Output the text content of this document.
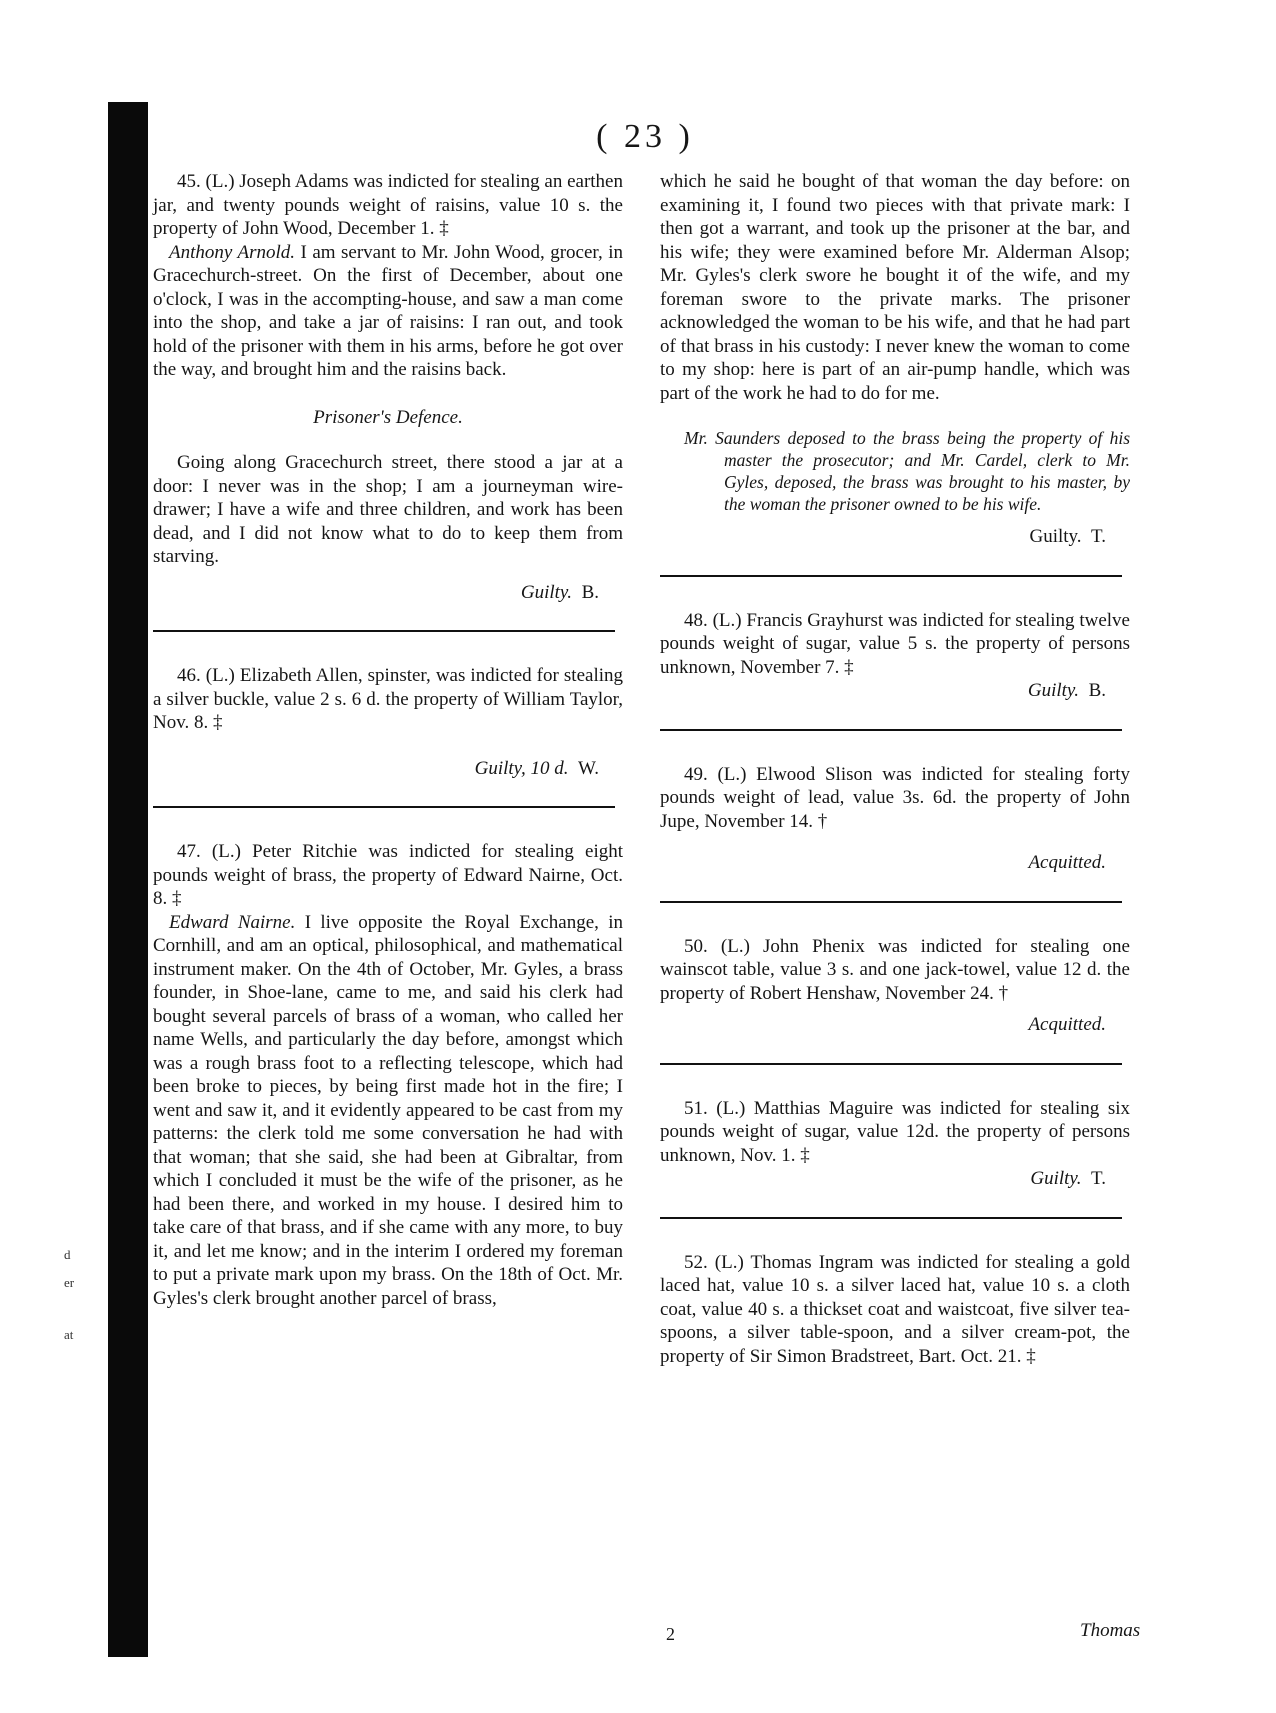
d
er
at
( 23 )

45. (L.) Joseph Adams was indicted for stealing an earthen jar, and twenty pounds weight of raisins, value 10 s. the property of John Wood, December 1. ‡

Anthony Arnold. I am servant to Mr. John Wood, grocer, in Gracechurch-street. On the first of December, about one o'clock, I was in the accompting-house, and saw a man come into the shop, and take a jar of raisins: I ran out, and took hold of the prisoner with them in his arms, before he got over the way, and brought him and the raisins back.

Prisoner's Defence.

Going along Gracechurch street, there stood a jar at a door: I never was in the shop; I am a journeyman wire-drawer; I have a wife and three children, and work has been dead, and I did not know what to do to keep them from starving.

Guilty. B.

46. (L.) Elizabeth Allen, spinster, was indicted for stealing a silver buckle, value 2 s. 6 d. the property of William Taylor, Nov. 8. ‡

Guilty, 10 d. W.

47. (L.) Peter Ritchie was indicted for stealing eight pounds weight of brass, the property of Edward Nairne, Oct. 8. ‡

Edward Nairne. I live opposite the Royal Exchange, in Cornhill, and am an optical, philosophical, and mathematical instrument maker. On the 4th of October, Mr. Gyles, a brass founder, in Shoe-lane, came to me, and said his clerk had bought several parcels of brass of a woman, who called her name Wells, and particularly the day before, amongst which was a rough brass foot to a reflecting telescope, which had been broke to pieces, by being first made hot in the fire; I went and saw it, and it evidently appeared to be cast from my patterns: the clerk told me some conversation he had with that woman; that she said, she had been at Gibraltar, from which I concluded it must be the wife of the prisoner, as he had been there, and worked in my house. I desired him to take care of that brass, and if she came with any more, to buy it, and let me know; and in the interim I ordered my foreman to put a private mark upon my brass. On the 18th of Oct. Mr. Gyles's clerk brought another parcel of brass,

which he said he bought of that woman the day before: on examining it, I found two pieces with that private mark: I then got a warrant, and took up the prisoner at the bar, and his wife; they were examined before Mr. Alderman Alsop; Mr. Gyles's clerk swore he bought it of the wife, and my foreman swore to the private marks. The prisoner acknowledged the woman to be his wife, and that he had part of that brass in his custody: I never knew the woman to come to my shop: here is part of an air-pump handle, which was part of the work he had to do for me.

Mr. Saunders deposed to the brass being the property of his master the prosecutor; and Mr. Cardel, clerk to Mr. Gyles, deposed, the brass was brought to his master, by the woman the prisoner owned to be his wife.

Guilty. T.

48. (L.) Francis Grayhurst was indicted for stealing twelve pounds weight of sugar, value 5 s. the property of persons unknown, November 7. ‡

Guilty. B.

49. (L.) Elwood Slison was indicted for stealing forty pounds weight of lead, value 3s. 6d. the property of John Jupe, November 14. †

Acquitted.

50. (L.) John Phenix was indicted for stealing one wainscot table, value 3 s. and one jack-towel, value 12 d. the property of Robert Henshaw, November 24. †

Acquitted.

51. (L.) Matthias Maguire was indicted for stealing six pounds weight of sugar, value 12d. the property of persons unknown, Nov. 1. ‡

Guilty. T.

52. (L.) Thomas Ingram was indicted for stealing a gold laced hat, value 10 s. a silver laced hat, value 10 s. a cloth coat, value 40 s. a thickset coat and waistcoat, five silver tea-spoons, a silver table-spoon, and a silver cream-pot, the property of Sir Simon Bradstreet, Bart. Oct. 21. ‡

2	Thomas
